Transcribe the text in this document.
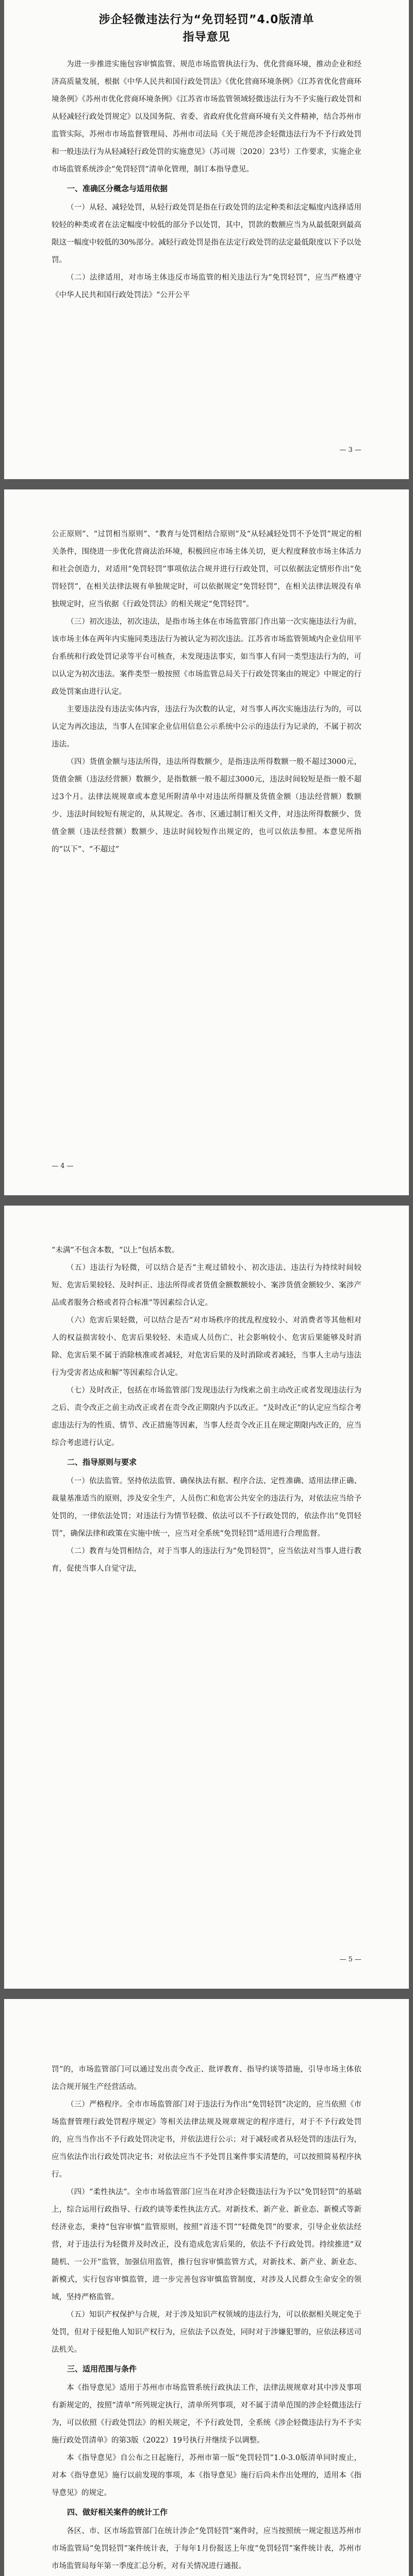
涉企轻微违法行为“免罚轻罚”4.0版清单
指导意见

为进一步推进实施包容审慎监管、规范市场监管执法行为、优化营商环境，推动企业和经济高质量发展，根据《中华人民共和国行政处罚法》《优化营商环境条例》《江苏省优化营商环境条例》《苏州市优化营商环境条例》《江苏省市场监管领域轻微违法行为不予实施行政处罚和从轻减轻行政处罚规定》以及国务院、省委、省政府优化营商环境有关文件精神，结合苏州市监管实际，苏州市市场监督管理局、苏州市司法局《关于规范涉企轻微违法行为不予行政处罚和一般违法行为从轻减轻行政处罚的实施意见》（苏司规〔2020〕23号）工作要求，实施企业市场监管系统涉企“免罚轻罚”清单化管理，制订本指导意见。

一、准确区分概念与适用依据

（一）从轻、减轻处罚，从轻行政处罚是指在行政处罚的法定种类和法定幅度内选择适用较轻的种类或者在法定幅度中较低的部分予以处罚，其中，罚款的数额应当为从最低限到最高限这一幅度中较低的30%部分。减轻行政处罚是指在法定行政处罚的法定最低限度以下予以处罚。

（二）法律适用，对市场主体违反市场监管的相关违法行为“免罚轻罚”，应当严格遵守《中华人民共和国行政处罚法》“公开公平

— 3 —

公正原则”、“过罚相当原则”、“教育与处罚相结合原则”及“从轻减轻处罚不予处罚”规定的相关条件，围绕进一步优化营商法治环境，积极回应市场主体关切，更大程度释放市场主体活力和社会创造力，对适用“免罚轻罚”事项依法合规并进行行政处罚，可以依据法定情形作出“免罚轻罚”，在相关法律法规有单独规定时，可以依据规定“免罚轻罚”，在相关法律法规没有单独规定时，应当依据《行政处罚法》的相关规定“免罚轻罚”。

（三）初次违法，初次违法，是指市场主体在市场监管部门作出第一次实施违法行为前，该市场主体在两年内实施同类违法行为被认定为初次违法。江苏省市场监管领域内企业信用平台系统和行政处罚记录等平台可核查，未发现违法事实，如当事人有同一类型违法行为的，可以认定为初次违法。案件类型一般按照《市场监管总局关于行政处罚案由的规定》中规定的行政处罚案由进行认定。

主要违法没有违法实体内容，违法行为次数的认定，对当事人再次实施违法行为的，可以认定为再次违法，当事人在国家企业信用信息公示系统中公示的违法行为记录的，不属于初次违法。

（四）货值金额与违法所得，违法所得数额少，是指违法所得数额一般不超过3000元，货值金额（违法经营额）数额少，是指数额一般不超过3000元，违法时间较短是指一般不超过3个月。法律法规规章或本意见所附清单中对违法所得额及货值金额（违法经营额）数额少、违法时间较短有规定的，从其规定。各市、区通过制订相关文件，对违法所得数额少、货值金额（违法经营额）数额少、违法时间较短作出规定的，也可以依法参照。本意见所指的“以下”、“不超过”

— 4 —

“未满”不包含本数，“以上”包括本数。

（五）违法行为轻微，可以结合是否“主观过错较小、初次违法、违法行为持续时间较短、危害后果较轻、及时纠正、违法所得或者货值金额数额较小、案涉货值金额较少、案涉产品或者服务合格或者符合标准”等因素综合认定。

（六）危害后果轻微，可以结合是否“对市场秩序的扰乱程度较小、对消费者等其他相对人的权益损害较小、危害后果较轻、未造成人员伤亡、社会影响较小、危害后果能够及时消除、危害后果不属于消除核准或者减轻，对危害后果的及时消除或者减轻，当事人主动与违法行为受害者达成和解”等因素综合认定。

（七）及时改正，包括在市场监管部门发现违法行为线索之前主动改正或者发现违法行为之后、责令改正之前主动改正或者在责令改正期限内予以改正。“及时改正”的认定应当综合考虑违法行为的性质、情节、改正措施等因素，当事人经责令改正且在规定期限内改正的，应当综合考虑进行认定。

二、指导原则与要求

（一）依法监管。坚持依法监管、确保执法有据、程序合法、定性准确、适用法律正确、裁量基准适当的原则，涉及安全生产，人员伤亡和危害公共安全的违法行为，对依法应当给予处罚的，一律依法处罚；对违法行为情节轻微、依法可以不予行政处罚的，依法作出“免罚轻罚”，确保法律和政策在实施中统一，应当对全系统“免罚轻罚”适用进行合理监督。

（二）教育与处罚相结合，对于当事人的违法行为“免罚轻罚”，应当依法对当事人进行教育，促使当事人自觉守法，

— 5 —

罚”的，市场监管部门可以通过发出责令改正、批评教育、指导约谈等措施，引导市场主体依法合规开展生产经营活动。

（三）严格程序。全市市场监管部门对于违法行为作出“免罚轻罚”决定的，应当依照《市场监督管理行政处罚程序规定》等相关法律法规及规章规定的程序进行，对于不予行政处罚的，应当当作出不予行政处罚决定书，并依法进行公示；对于减轻或者从轻处罚的违法行为，应当依法作出行政处罚决定书；对依法应当不予处罚且案件事实清楚的，可以按照简易程序执行。

（四）“柔性执法”。全市市场监管部门应当在对涉企轻微违法行为予以“免罚轻罚”的基础上，综合运用行政指导、行政约谈等柔性执法方式。对新技术、新产业、新业态、新模式等新经济业态，秉持“包容审慎”监管原则，按照“首违不罚”“轻微免罚”的要求，引导企业依法经营，对于违法行为轻微并及时改正，没有造成危害后果的，依法不予行政处罚。持续推进“双随机、一公开”监管，加强信用监管，推行包容审慎监管方式，对新技术、新产业、新业态、新模式，实行包容审慎监管，进一步完善包容审慎监管制度，对涉及人民群众生命安全的领域，坚持严格监管。

（五）知识产权保护与合规，对于涉及知识产权领域的违法行为，可以依据相关规定免于处罚，但对于侵犯他人知识产权行为，应依法予以查处，同时对于涉嫌犯罪的，应依法移送司法机关。

三、适用范围与条件

本《指导意见》适用于苏州市市场监管系统行政执法工作，法律法规规章对其中涉及事项有新规定的，按照“清单”所列规定执行，清单所列事项，对不属于清单范围的涉企轻微违法行为，可以依照《行政处罚法》的相关规定，不予行政处罚，全系统《涉企轻微违法行为不予实施行政处罚清单》的第3版（2022）19号执行并继续予以调整。

本《指导意见》自公布之日起施行，苏州市第一版“免罚轻罚”1.0-3.0版清单同时废止，对本《指导意见》施行以前发现的事项，本《指导意见》施行后尚未作出处理的，适用本《指导意见》的规定。

四、做好相关案件的统计工作

各区、市、区市场监管部门在统计涉企“免罚轻罚”案件时，应当按照统一规定报送苏州市市场监管局“免罚轻罚”案件统计表，于每年1月份报送上年度“免罚轻罚”案件统计表，苏州市市场监管局每年第一季度汇总分析，对有关情况进行通报。
